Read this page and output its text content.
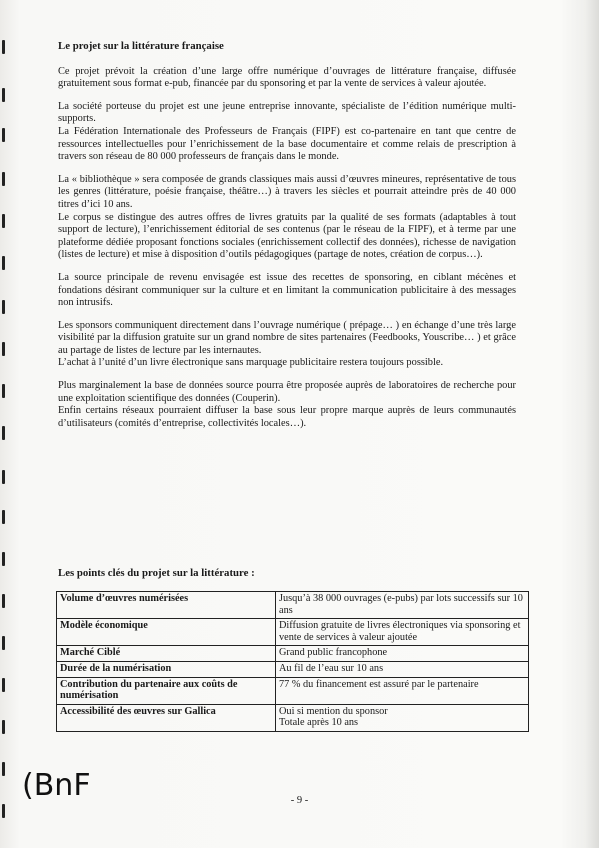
Le projet sur la littérature française

Ce projet prévoit la création d’une large offre numérique d’ouvrages de littérature française, diffusée gratuitement sous format e-pub, financée par du sponsoring et par la vente de services à valeur ajoutée.

La société porteuse du projet est une jeune entreprise innovante, spécialiste de l’édition numérique multi-supports.

La Fédération Internationale des Professeurs de Français (FIPF) est co-partenaire en tant que centre de ressources intellectuelles pour l’enrichissement de la base documentaire et comme relais de prescription à travers son réseau de 80 000 professeurs de français dans le monde.

La « bibliothèque » sera composée de grands classiques mais aussi d’œuvres mineures, représentative de tous les genres (littérature, poésie française, théâtre…) à travers les siècles et pourrait atteindre près de 40 000 titres d’ici 10 ans.

Le corpus se distingue des autres offres de livres gratuits par la qualité de ses formats (adaptables à tout support de lecture), l’enrichissement éditorial de ses contenus (par le réseau de la FIPF), et à terme par une plateforme dédiée proposant fonctions sociales (enrichissement collectif des données), richesse de navigation (listes de lecture) et mise à disposition d’outils pédagogiques (partage de notes, création de corpus…).

La source principale de revenu envisagée est issue des recettes de sponsoring, en ciblant mécènes et fondations désirant communiquer sur la culture et en limitant la communication publicitaire à des messages non intrusifs.

Les sponsors communiquent directement dans l’ouvrage numérique ( prépage… ) en échange d’une très large visibilité par la diffusion gratuite sur un grand nombre de sites partenaires (Feedbooks, Youscribe… ) et grâce au partage de listes de lecture par les internautes.

L’achat à l’unité d’un livre électronique sans marquage publicitaire restera toujours possible.

Plus marginalement la base de données source pourra être proposée auprès de laboratoires de recherche pour une exploitation scientifique des données (Couperin).

Enfin certains réseaux pourraient diffuser la base sous leur propre marque auprès de leurs communautés d’utilisateurs (comités d’entreprise, collectivités locales…).

Les points clés du projet sur la littérature :
Volume d’œuvres numérisées	Jusqu’à 38 000 ouvrages (e-pubs) par lots successifs sur 10 ans
Modèle économique	Diffusion gratuite de livres électroniques via sponsoring et vente de services à valeur ajoutée
Marché Ciblé	Grand public francophone
Durée de la numérisation	Au fil de l’eau sur 10 ans
Contribution du partenaire aux coûts de numérisation	77 % du financement est assuré par le partenaire
Accessibilité des œuvres sur Gallica	Oui si mention du sponsor
Totale après 10 ans
(BnF	- 9 -
